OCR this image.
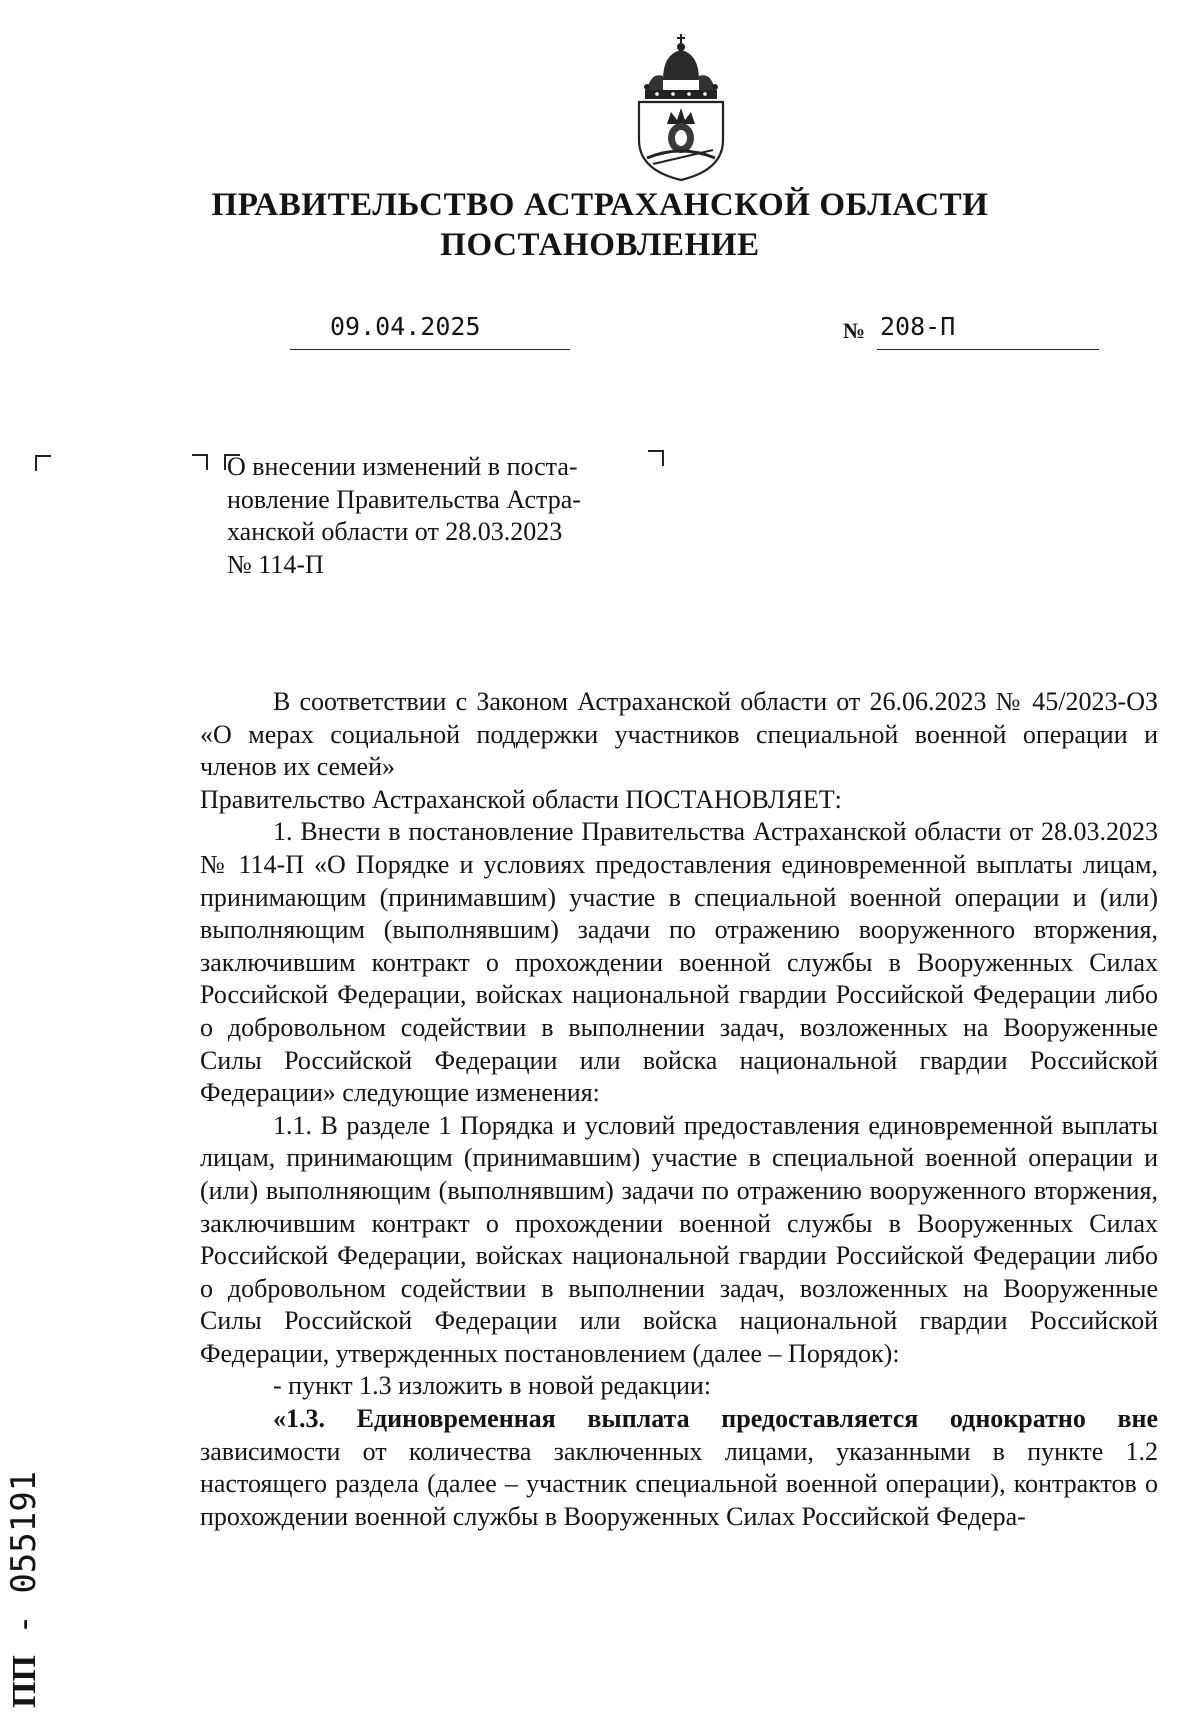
ПРАВИТЕЛЬСТВО АСТРАХАНСКОЙ ОБЛАСТИ
ПОСТАНОВЛЕНИЕ
09.04.2025	№ 208-П

О внесении изменений в поста-

новление Правительства Астра-

ханской области от 28.03.2023

№ 114-П

В соответствии с Законом Астраханской области от 26.06.2023 № 45/2023-ОЗ «О мерах социальной поддержки участников специальной военной операции и членов их семей»

Правительство Астраханской области ПОСТАНОВЛЯЕТ:

1. Внести в постановление Правительства Астраханской области от 28.03.2023 № 114-П «О Порядке и условиях предоставления единовременной выплаты лицам, принимающим (принимавшим) участие в специальной военной операции и (или) выполняющим (выполнявшим) задачи по отражению вооруженного вторжения, заключившим контракт о прохождении военной службы в Вооруженных Силах Российской Федерации, войсках национальной гвардии Российской Федерации либо о добровольном содействии в выполнении задач, возложенных на Вооруженные Силы Российской Федерации или войска национальной гвардии Российской Федерации» следующие изменения:

1.1. В разделе 1 Порядка и условий предоставления единовременной выплаты лицам, принимающим (принимавшим) участие в специальной военной операции и (или) выполняющим (выполнявшим) задачи по отражению вооруженного вторжения, заключившим контракт о прохождении военной службы в Вооруженных Силах Российской Федерации, войсках национальной гвардии Российской Федерации либо о добровольном содействии в выполнении задач, возложенных на Вооруженные Силы Российской Федерации или войска национальной гвардии Российской Федерации, утвержденных постановлением (далее – Порядок):

- пункт 1.3 изложить в новой редакции:

«1.3. Единовременная выплата предоставляется однократно вне зависимости от количества заключенных лицами, указанными в пункте 1.2 настоящего раздела (далее – участник специальной военной операции), контрактов о прохождении военной службы в Вооруженных Силах Российской Федера-

ПП - 055191
